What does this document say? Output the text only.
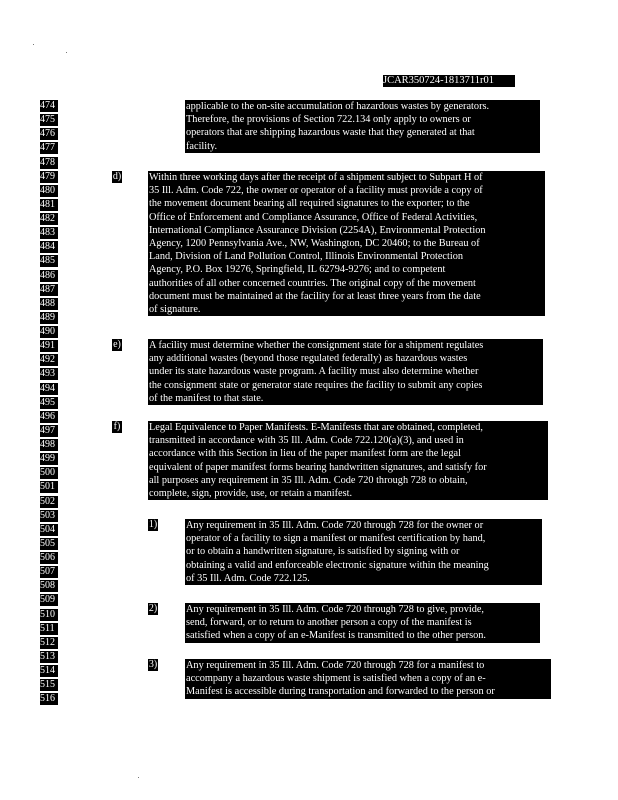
JCAR350724-1813711r01
474
475
476
477
478
479
480
481
482
483
484
485
486
487
488
489
490
491
492
493
494
495
496
497
498
499
500
501
502
503
504
505
506
507
508
509
510
511
512
513
514
515
516
applicable to the on-site accumulation of hazardous wastes by generators.
Therefore, the provisions of Section 722.134 only apply to owners or
operators that are shipping hazardous waste that they generated at that
facility.
d)	Within three working days after the receipt of a shipment subject to Subpart H of
35 Ill. Adm. Code 722, the owner or operator of a facility must provide a copy of
the movement document bearing all required signatures to the exporter; to the
Office of Enforcement and Compliance Assurance, Office of Federal Activities,
International Compliance Assurance Division (2254A), Environmental Protection
Agency, 1200 Pennsylvania Ave., NW, Washington, DC 20460; to the Bureau of
Land, Division of Land Pollution Control, Illinois Environmental Protection
Agency, P.O. Box 19276, Springfield, IL 62794-9276; and to competent
authorities of all other concerned countries. The original copy of the movement
document must be maintained at the facility for at least three years from the date
of signature.
e)	A facility must determine whether the consignment state for a shipment regulates
any additional wastes (beyond those regulated federally) as hazardous wastes
under its state hazardous waste program. A facility must also determine whether
the consignment state or generator state requires the facility to submit any copies
of the manifest to that state.
f)	Legal Equivalence to Paper Manifests. E-Manifests that are obtained, completed,
transmitted in accordance with 35 Ill. Adm. Code 722.120(a)(3), and used in
accordance with this Section in lieu of the paper manifest form are the legal
equivalent of paper manifest forms bearing handwritten signatures, and satisfy for
all purposes any requirement in 35 Ill. Adm. Code 720 through 728 to obtain,
complete, sign, provide, use, or retain a manifest.
1)	Any requirement in 35 Ill. Adm. Code 720 through 728 for the owner or
operator of a facility to sign a manifest or manifest certification by hand,
or to obtain a handwritten signature, is satisfied by signing with or
obtaining a valid and enforceable electronic signature within the meaning
of 35 Ill. Adm. Code 722.125.
2)	Any requirement in 35 Ill. Adm. Code 720 through 728 to give, provide,
send, forward, or to return to another person a copy of the manifest is
satisfied when a copy of an e-Manifest is transmitted to the other person.
3)	Any requirement in 35 Ill. Adm. Code 720 through 728 for a manifest to
accompany a hazardous waste shipment is satisfied when a copy of an e-
Manifest is accessible during transportation and forwarded to the person or
